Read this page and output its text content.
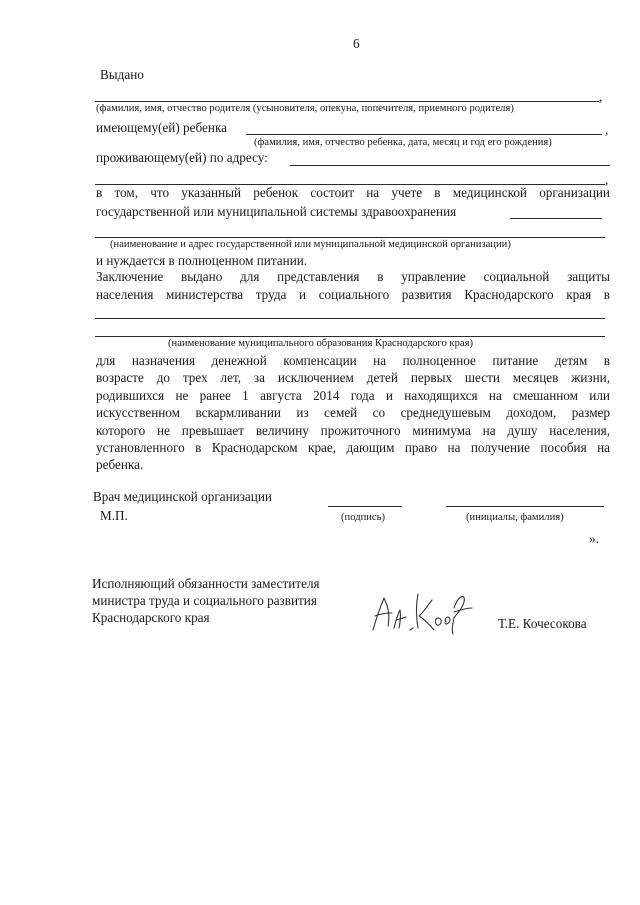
6
Выдано
,
(фамилия, имя, отчество родителя (усыновителя, опекуна, попечителя, приемного родителя)
имеющему(ей) ребенка	,
(фамилия, имя, отчество ребенка, дата, месяц и год его рождения)
проживающему(ей) по адресу:
,
в том, что указанный ребенок состоит на учете в медицинской организации
государственной или муниципальной системы здравоохранения
(наименование и адрес государственной или муниципальной медицинской организации)
и нуждается в полноценном питании.
Заключение выдано для представления в управление социальной защиты
населения министерства труда и социального развития Краснодарского края в
(наименование муниципального образования Краснодарского края)
для назначения денежной компенсации на полноценное питание детям в
возрасте до трех лет, за исключением детей первых шести месяцев жизни,
родившихся не ранее 1 августа 2014 года и находящихся на смешанном или
искусственном вскармливании из семей со среднедушевым доходом, размер
которого не превышает величину прожиточного минимума на душу населения,
установленного в Краснодарском крае, дающим право на получение пособия на
ребенка.
Врач медицинской организации
М.П.	(подпись)	(инициалы, фамилия)
».
Исполняющий обязанности заместителя
министра труда и социального развития
Краснодарского края	Т.Е. Кочесокова
